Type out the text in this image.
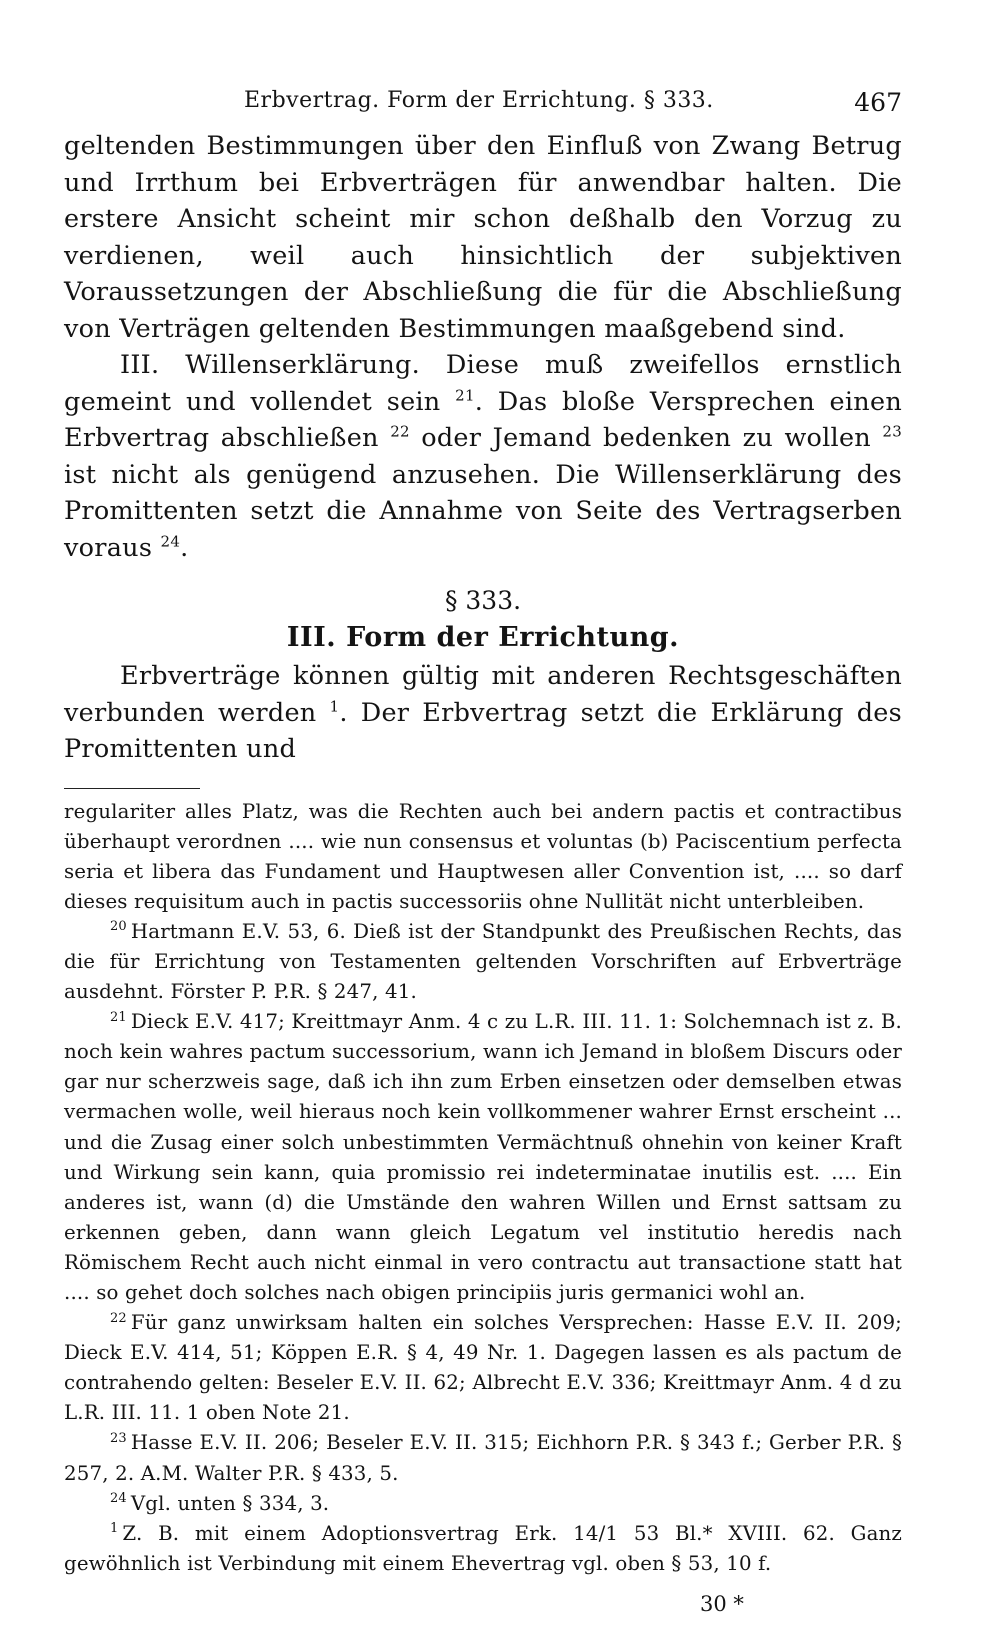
Erbvertrag. Form der Errichtung. § 333.	467

geltenden Bestimmungen über den Einfluß von Zwang Betrug und Irrthum bei Erbverträgen für anwendbar halten. Die erstere Ansicht scheint mir schon deßhalb den Vorzug zu verdienen, weil auch hinsichtlich der subjektiven Voraussetzungen der Abschließung die für die Abschließung von Verträgen geltenden Bestimmungen maaßgebend sind.

III. Willenserklärung. Diese muß zweifellos ernstlich gemeint und vollendet sein $^{21}$. Das bloße Versprechen einen Erbvertrag abschließen $^{22}$ oder Jemand bedenken zu wollen $^{23}$ ist nicht als genügend anzusehen. Die Willenserklärung des Promittenten setzt die Annahme von Seite des Vertragserben voraus $^{24}$.

§ 333.
III. Form der Errichtung.

Erbverträge können gültig mit anderen Rechtsgeschäften verbunden werden $^1$. Der Erbvertrag setzt die Erklärung des Promittenten und

regulariter alles Platz, was die Rechten auch bei andern pactis et contractibus überhaupt verordnen .... wie nun consensus et voluntas (b) Paciscentium perfecta seria et libera das Fundament und Hauptwesen aller Convention ist, .... so darf dieses requisitum auch in pactis successoriis ohne Nullität nicht unterbleiben.

$^{20}$ Hartmann E.V. 53, 6. Dieß ist der Standpunkt des Preußischen Rechts, das die für Errichtung von Testamenten geltenden Vorschriften auf Erbverträge ausdehnt. Förster P. P.R. § 247, 41.

$^{21}$ Dieck E.V. 417; Kreittmayr Anm. 4 c zu L.R. III. 11. 1: Solchemnach ist z. B. noch kein wahres pactum successorium, wann ich Jemand in bloßem Discurs oder gar nur scherzweis sage, daß ich ihn zum Erben einsetzen oder demselben etwas vermachen wolle, weil hieraus noch kein vollkommener wahrer Ernst erscheint ... und die Zusag einer solch unbestimmten Vermächtnuß ohnehin von keiner Kraft und Wirkung sein kann, quia promissio rei indeterminatae inutilis est. .... Ein anderes ist, wann (d) die Umstände den wahren Willen und Ernst sattsam zu erkennen geben, dann wann gleich Legatum vel institutio heredis nach Römischem Recht auch nicht einmal in vero contractu aut transactione statt hat .... so gehet doch solches nach obigen principiis juris germanici wohl an.

$^{22}$ Für ganz unwirksam halten ein solches Versprechen: Hasse E.V. II. 209; Dieck E.V. 414, 51; Köppen E.R. § 4, 49 Nr. 1. Dagegen lassen es als pactum de contrahendo gelten: Beseler E.V. II. 62; Albrecht E.V. 336; Kreittmayr Anm. 4 d zu L.R. III. 11. 1 oben Note 21.

$^{23}$ Hasse E.V. II. 206; Beseler E.V. II. 315; Eichhorn P.R. § 343 f.; Gerber P.R. § 257, 2. A.M. Walter P.R. § 433, 5.

$^{24}$ Vgl. unten § 334, 3.

$^1$ Z. B. mit einem Adoptionsvertrag Erk. 14/1 53 Bl.* XVIII. 62. Ganz gewöhnlich ist Verbindung mit einem Ehevertrag vgl. oben § 53, 10 f.

30 *
